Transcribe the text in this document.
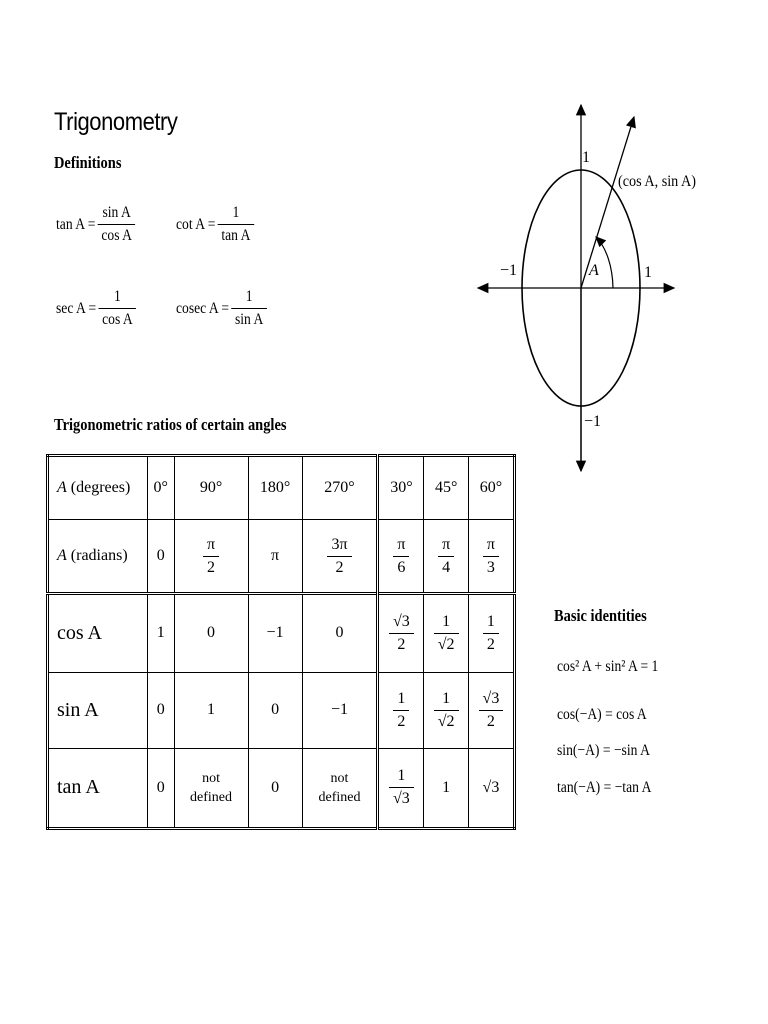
Trigonometry
Definitions
$\tan A = \frac{\text{sin A}}{\text{cos A}}$	$\cot A = \frac{1}{\text{tan A}}$
$\sec A = \frac{1}{\text{cos A}}$ cosec $A = \frac{1}{\text{sin A}}$
1
−1
−1	1
(cos A, sin A)
A
Trigonometric ratios of certain angles
A (degrees)	0°	90°	180°	270°	30°	45°	60°
A (radians)	0	$\frac{\pi}{2}$	π	$\frac{3\pi}{2}$	$\frac{\pi}{6}$	$\frac{\pi}{4}$	$\frac{\pi}{3}$

cos A	1	0	−1	0	$\frac{√3}{2}$	$\frac{1}{√2}$	$\frac{1}{2}$

sin A	0	1	0	−1	$\frac{1}{2}$	$\frac{1}{√2}$	$\frac{√3}{2}$

tan A	0	not
defined	0	not
defined	$\frac{1}{√3}$	1	√3
Basic identities
cos² A + sin² A = 1
cos(−A) = cos A
sin(−A) = −sin A
tan(−A) = −tan A
